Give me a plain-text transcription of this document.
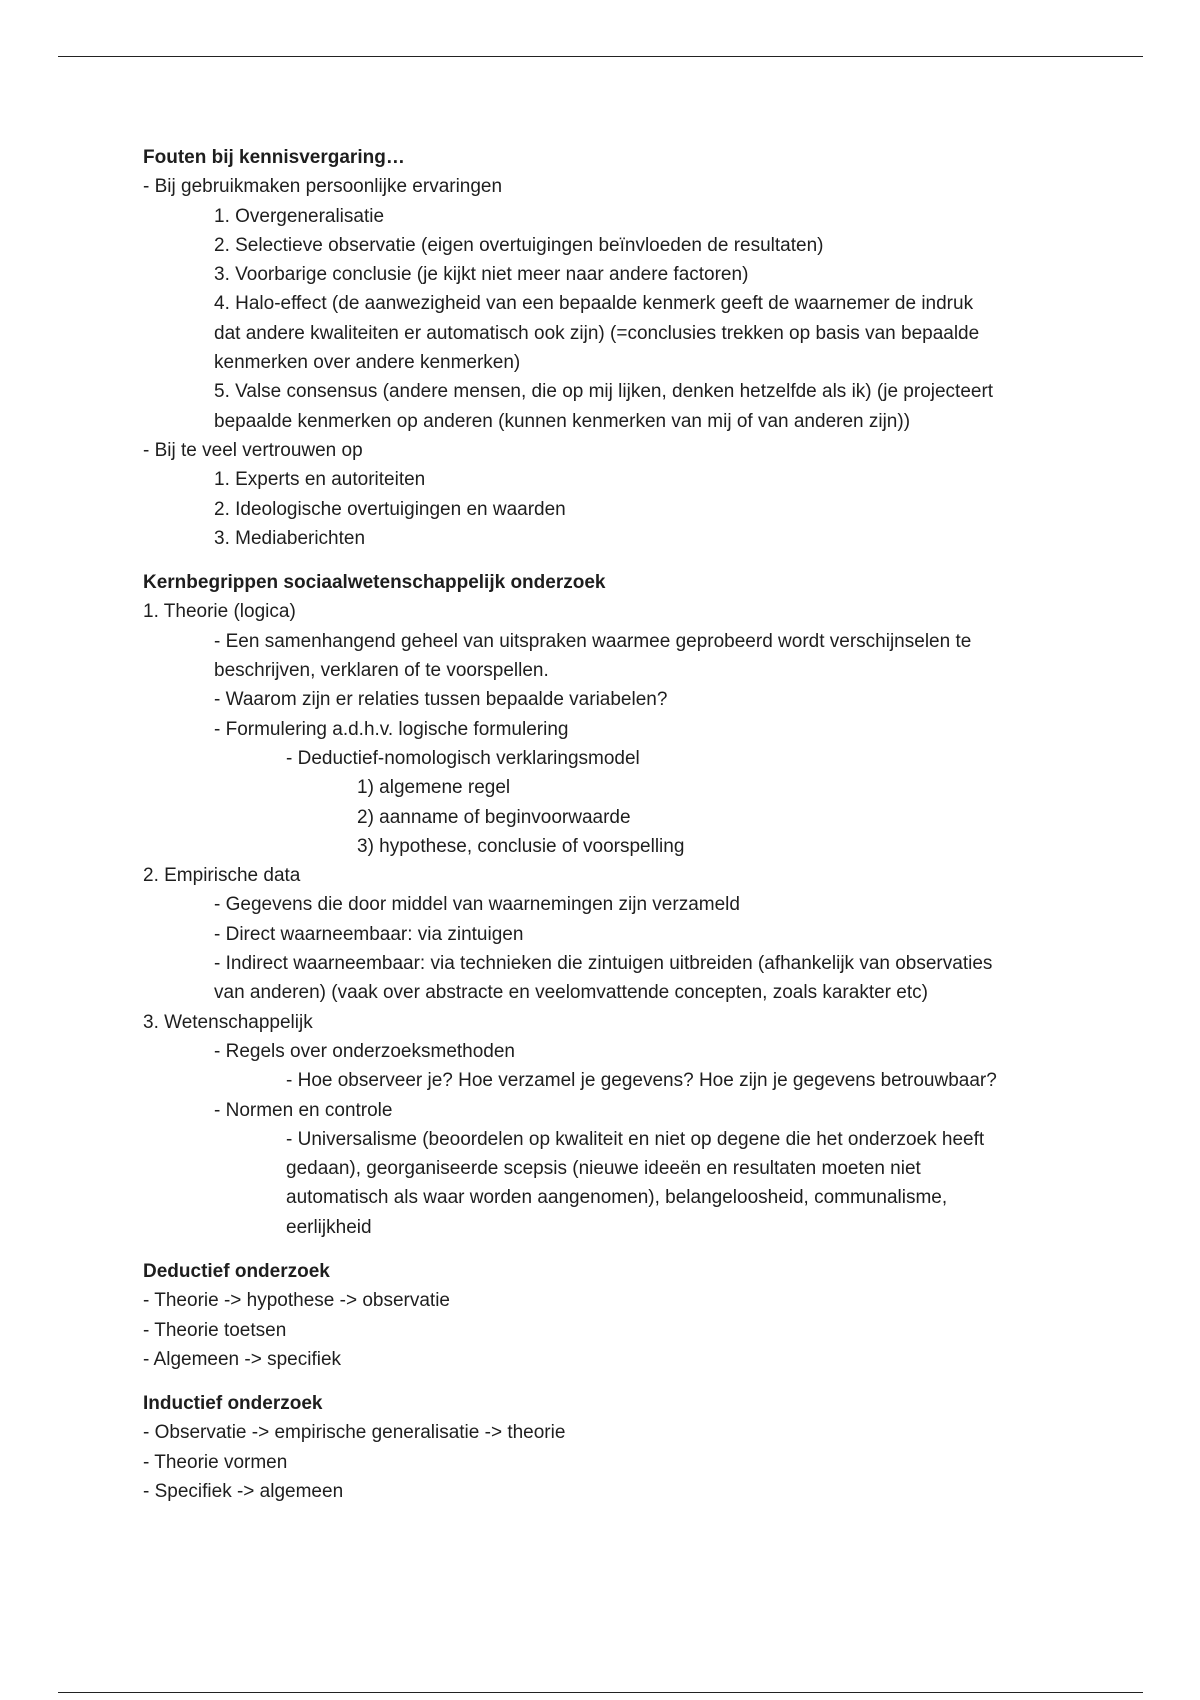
Fouten bij kennisvergaring…

- Bij gebruikmaken persoonlijke ervaringen

1. Overgeneralisatie

2. Selectieve observatie (eigen overtuigingen beïnvloeden de resultaten)

3. Voorbarige conclusie (je kijkt niet meer naar andere factoren)

4. Halo-effect (de aanwezigheid van een bepaalde kenmerk geeft de waarnemer de indruk

dat andere kwaliteiten er automatisch ook zijn) (=conclusies trekken op basis van bepaalde

kenmerken over andere kenmerken)

5. Valse consensus (andere mensen, die op mij lijken, denken hetzelfde als ik) (je projecteert

bepaalde kenmerken op anderen (kunnen kenmerken van mij of van anderen zijn))

- Bij te veel vertrouwen op

1. Experts en autoriteiten

2. Ideologische overtuigingen en waarden

3. Mediaberichten

Kernbegrippen sociaalwetenschappelijk onderzoek

1. Theorie (logica)

- Een samenhangend geheel van uitspraken waarmee geprobeerd wordt verschijnselen te

beschrijven, verklaren of te voorspellen.

- Waarom zijn er relaties tussen bepaalde variabelen?

- Formulering a.d.h.v. logische formulering

- Deductief-nomologisch verklaringsmodel

1) algemene regel

2) aanname of beginvoorwaarde

3) hypothese, conclusie of voorspelling

2. Empirische data

- Gegevens die door middel van waarnemingen zijn verzameld

- Direct waarneembaar: via zintuigen

- Indirect waarneembaar: via technieken die zintuigen uitbreiden (afhankelijk van observaties

van anderen) (vaak over abstracte en veelomvattende concepten, zoals karakter etc)

3. Wetenschappelijk

- Regels over onderzoeksmethoden

- Hoe observeer je? Hoe verzamel je gegevens? Hoe zijn je gegevens betrouwbaar?

- Normen en controle

- Universalisme (beoordelen op kwaliteit en niet op degene die het onderzoek heeft

gedaan), georganiseerde scepsis (nieuwe ideeën en resultaten moeten niet

automatisch als waar worden aangenomen), belangeloosheid, communalisme,

eerlijkheid

Deductief onderzoek

- Theorie -> hypothese -> observatie

- Theorie toetsen

- Algemeen -> specifiek

Inductief onderzoek

- Observatie -> empirische generalisatie -> theorie

- Theorie vormen

- Specifiek -> algemeen
